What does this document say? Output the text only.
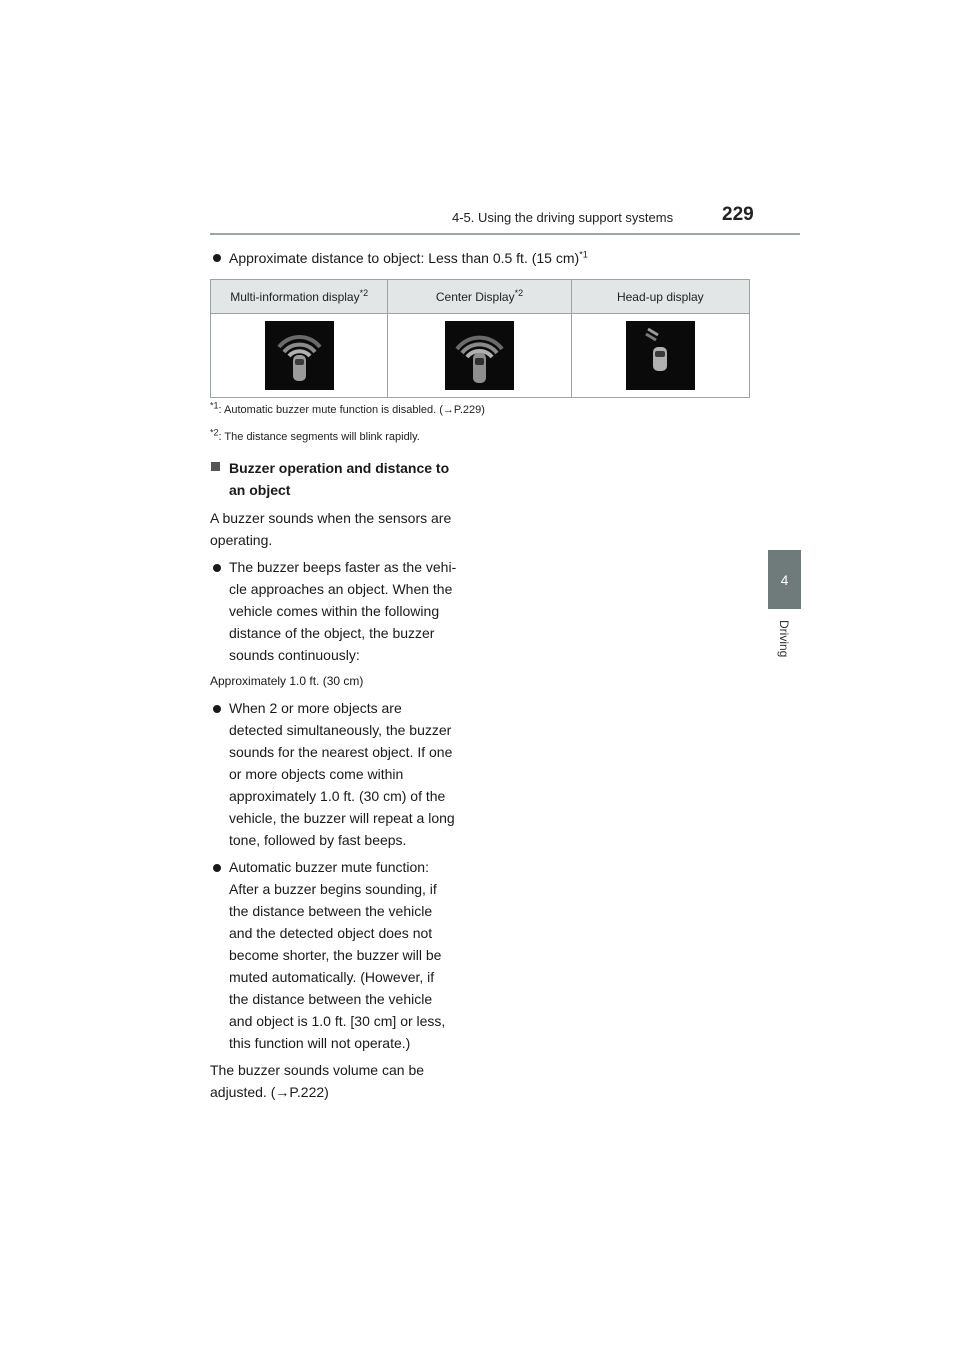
4-5. Using the driving support systems	229
4
Driving
Approximate distance to object: Less than 0.5 ft. (15 cm)$^{*1}$
Multi-information display$^{*2}$	Center Display$^{*2}$	Head-up display

$^{*1}$: Automatic buzzer mute function is disabled. (→P.229)
$^{*2}$: The distance segments will blink rapidly.
Buzzer operation and distance to
an object
A buzzer sounds when the sensors are
operating.
The buzzer beeps faster as the vehi-
cle approaches an object. When the
vehicle comes within the following
distance of the object, the buzzer
sounds continuously:
Approximately 1.0 ft. (30 cm)
When 2 or more objects are
detected simultaneously, the buzzer
sounds for the nearest object. If one
or more objects come within
approximately 1.0 ft. (30 cm) of the
vehicle, the buzzer will repeat a long
tone, followed by fast beeps.
Automatic buzzer mute function:
After a buzzer begins sounding, if
the distance between the vehicle
and the detected object does not
become shorter, the buzzer will be
muted automatically. (However, if
the distance between the vehicle
and object is 1.0 ft. [30 cm] or less,
this function will not operate.)
The buzzer sounds volume can be
adjusted. (→P.222)
